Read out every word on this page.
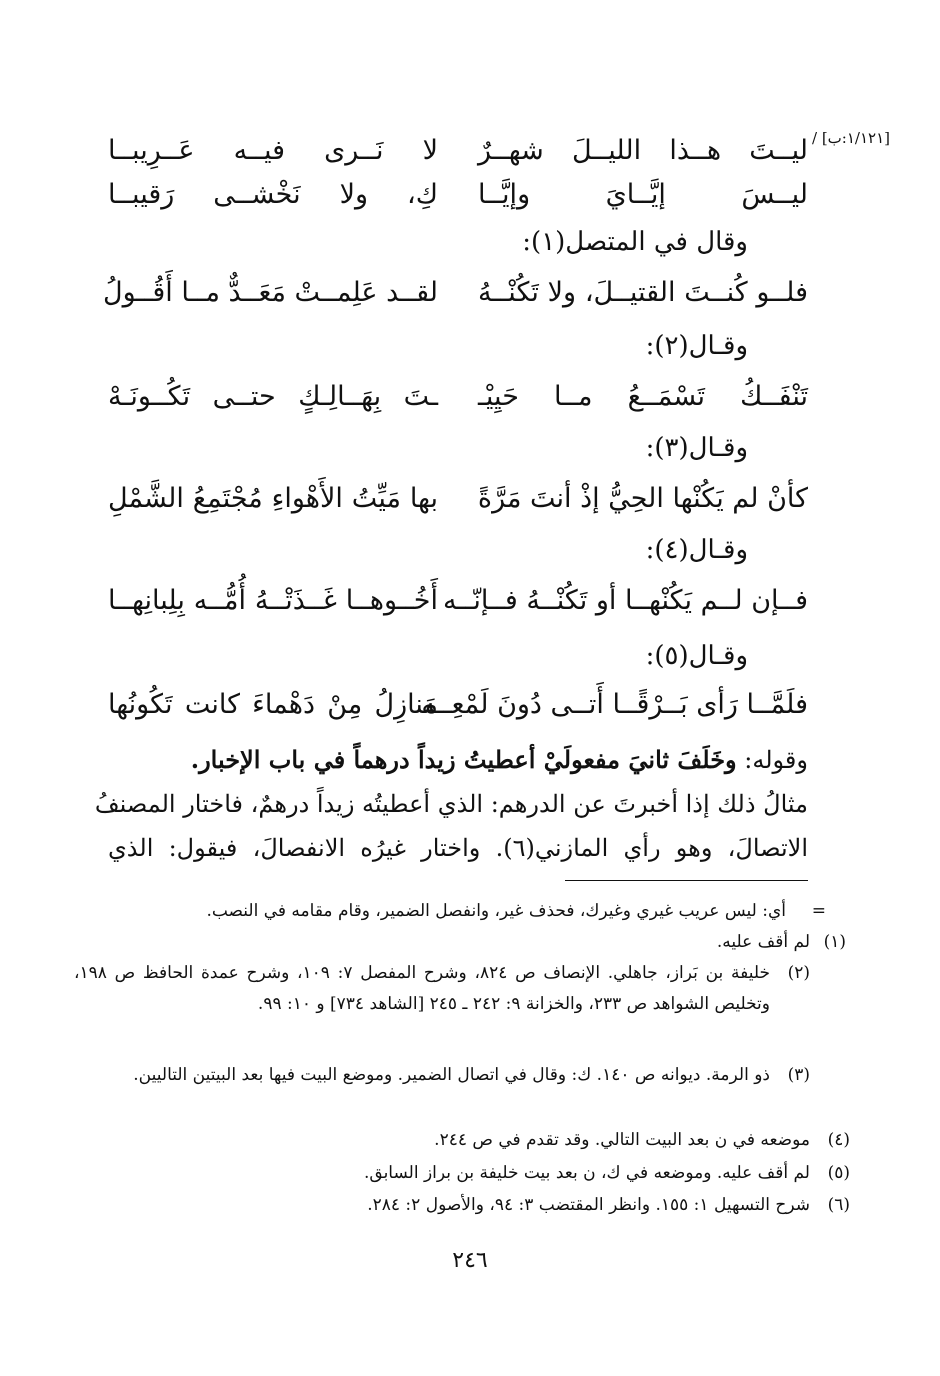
[١/١٢١:ب] /
ليــتَ هــذا الليــلَ شهــرٌ
لا نَــرى فيــه عَــرِيبــا
ليــسَ إيَّــايَ وإيَّــا
كِ، ولا نَخْشــى رَقيبــا
وقال في المتصل(١):
فلــو كُنــتَ القتيــلَ، ولا تَكُنْــهُ
لقــد عَلِمــتْ مَعَــدٌّ مــا أَقُــولُ
وقـال(٢):
تَنْفَــكُ تَسْمَــعُ مــا حَيِيْـ
ـتَ بِهَــالِـكٍ حتــى تَكُــونَـهْ
وقـال(٣):
كأنْ لم يَكُنْها الحِيُّ إذْ أنتَ مَرَّةً
بها مَيِّتُ الأَهْواءِ مُجْتَمِعُ الشَّمْلِ
وقـال(٤):
فــإن لــم يَكُنْهــا أو تَكُنْــهُ فــإنّــه
أَخُــوهــا غَــذَتْــهُ أُمُّــه بِلِبانِهــا
وقـال(٥):
فلَمَّــا رَأى بَــرْقًــا أَتــى دُونَ لَمْعِــه
مَنازِلُ مِنْ دَهْماءَ كانت تَكُونُها
وقوله: وخَلَفَ ثانيَ مفعولَيْ أعطيتُ زيداً درهماً في باب الإخبار.
مثالُ ذلك إذا أخبرتَ عن الدرهم: الذي أعطيتُه زيداً درهمٌ، فاختار المصنفُ
الاتصالَ، وهو رأي المازني(٦). واختار غيرُه الانفصالَ، فيقول: الذي
=
أي: ليس عريب غيري وغيرك، فحذف غير، وانفصل الضمير، وقام مقامه في النصب.
(١)
لم أقف عليه.
(٢)
خليفة بن بَراز، جاهلي. الإنصاف ص ٨٢٤، وشرح المفصل ٧: ١٠٩، وشرح عمدة الحافظ ص ١٩٨، وتخليص الشواهد ص ٢٣٣، والخزانة ٩: ٢٤٢ ـ ٢٤٥ [الشاهد ٧٣٤] و ١٠: ٩٩.
(٣)
ذو الرمة. ديوانه ص ١٤٠. ك: وقال في اتصال الضمير. وموضع البيت فيها بعد البيتين التاليين.
(٤)
موضعه في ن بعد البيت التالي. وقد تقدم في ص ٢٤٤.
(٥)
لم أقف عليه. وموضعه في ك، ن بعد بيت خليفة بن براز السابق.
(٦)
شرح التسهيل ١: ١٥٥. وانظر المقتضب ٣: ٩٤، والأصول ٢: ٢٨٤.
٢٤٦
